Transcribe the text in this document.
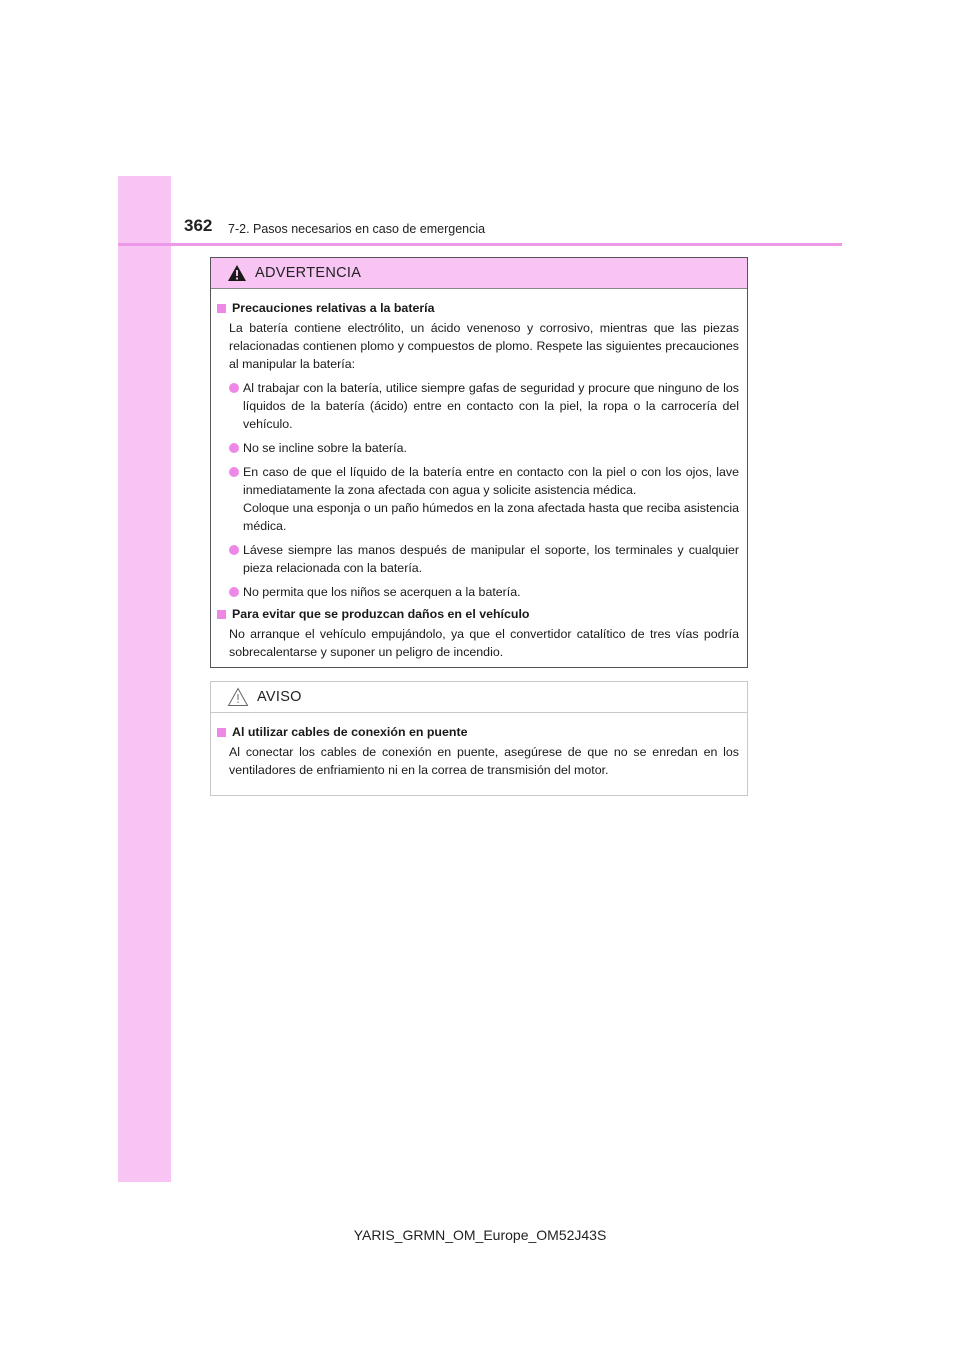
362 7-2. Pasos necesarios en caso de emergencia
ADVERTENCIA
Precauciones relativas a la batería
La batería contiene electrólito, un ácido venenoso y corrosivo, mientras que las piezas relacionadas contienen plomo y compuestos de plomo. Respete las siguientes precauciones al manipular la batería:
Al trabajar con la batería, utilice siempre gafas de seguridad y procure que ninguno de los líquidos de la batería (ácido) entre en contacto con la piel, la ropa o la carrocería del vehículo.
No se incline sobre la batería.

En caso de que el líquido de la batería entre en contacto con la piel o con los ojos, lave inmediatamente la zona afectada con agua y solicite asistencia médica.

Coloque una esponja o un paño húmedos en la zona afectada hasta que reciba asistencia médica.

Lávese siempre las manos después de manipular el soporte, los terminales y cualquier pieza relacionada con la batería.
No permita que los niños se acerquen a la batería.
Para evitar que se produzcan daños en el vehículo
No arranque el vehículo empujándolo, ya que el convertidor catalítico de tres vías podría sobrecalentarse y suponer un peligro de incendio.
AVISO
Al utilizar cables de conexión en puente
Al conectar los cables de conexión en puente, asegúrese de que no se enredan en los ventiladores de enfriamiento ni en la correa de transmisión del motor.
YARIS_GRMN_OM_Europe_OM52J43S
